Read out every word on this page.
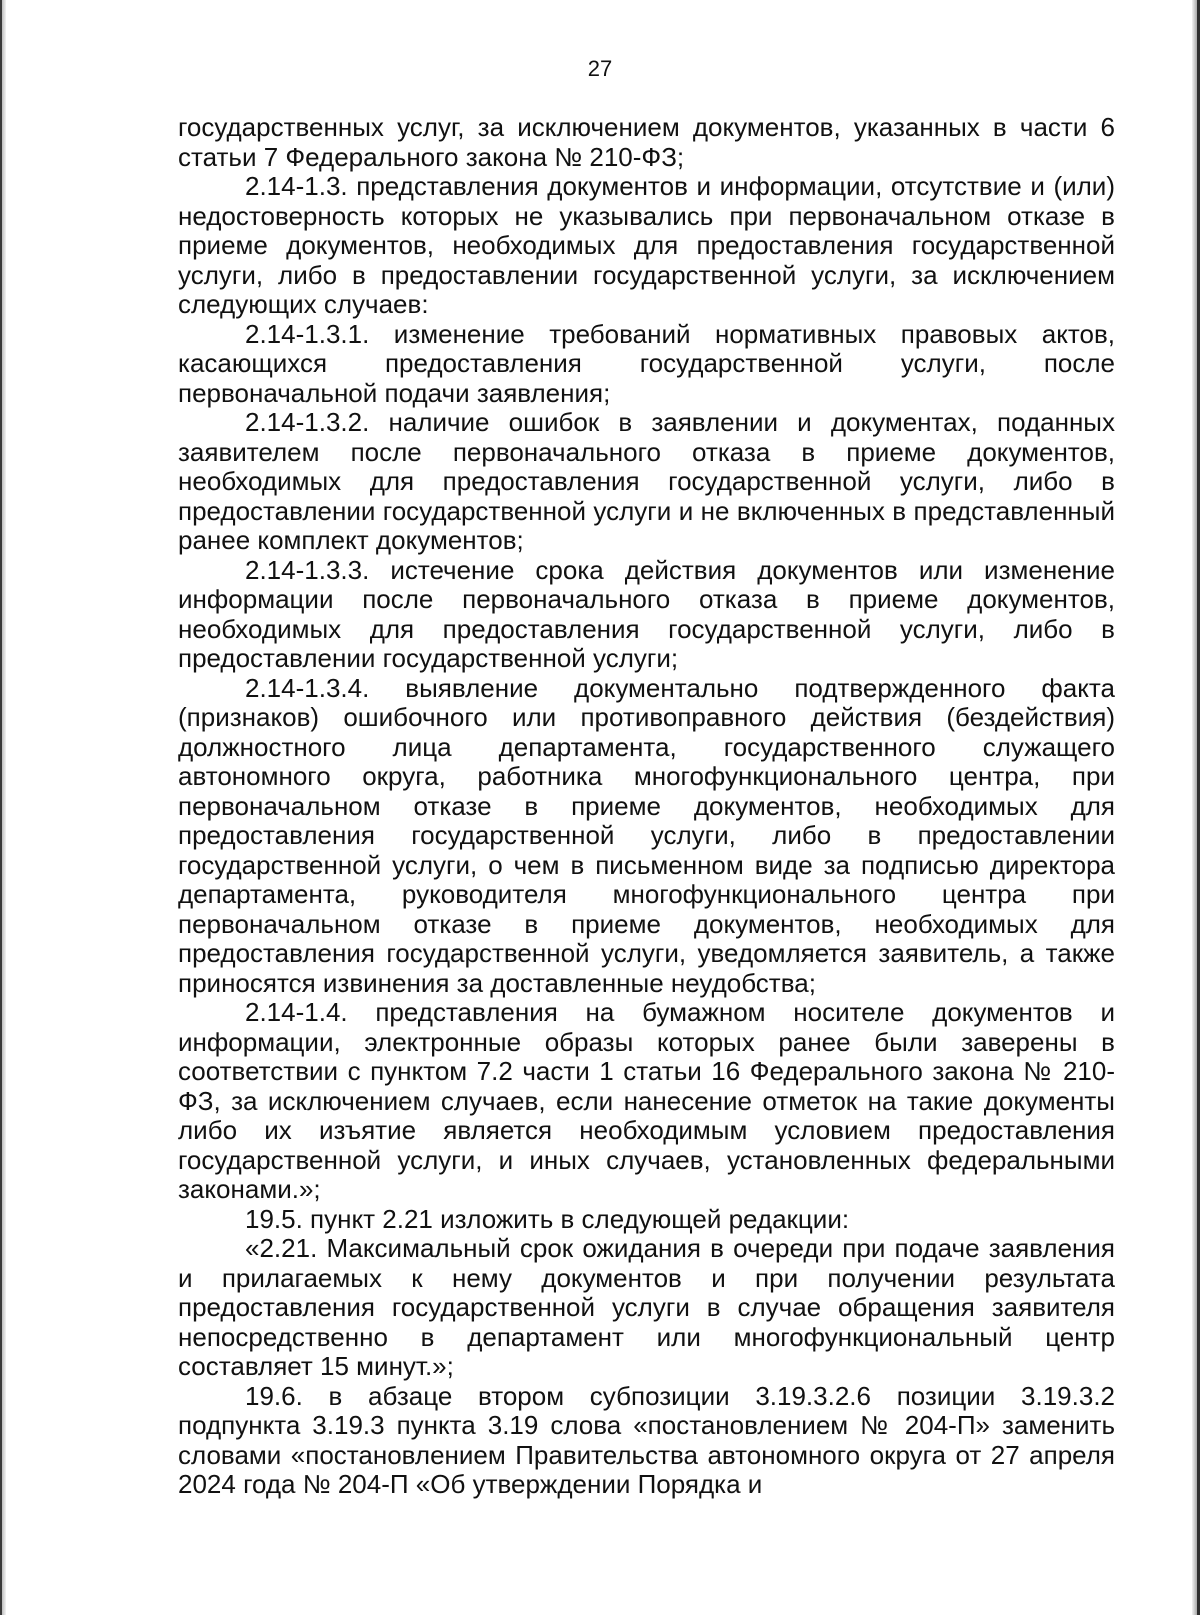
27

государственных услуг, за исключением документов, указанных в части 6 статьи 7 Федерального закона № 210-ФЗ;

2.14-1.3. представления документов и информации, отсутствие и (или) недостоверность которых не указывались при первоначальном отказе в приеме документов, необходимых для предоставления государственной услуги, либо в предоставлении государственной услуги, за исключением следующих случаев:

2.14-1.3.1. изменение требований нормативных правовых актов, касающихся предоставления государственной услуги, после первоначальной подачи заявления;

2.14-1.3.2. наличие ошибок в заявлении и документах, поданных заявителем после первоначального отказа в приеме документов, необходимых для предоставления государственной услуги, либо в предоставлении государственной услуги и не включенных в представленный ранее комплект документов;

2.14-1.3.3. истечение срока действия документов или изменение информации после первоначального отказа в приеме документов, необходимых для предоставления государственной услуги, либо в предоставлении государственной услуги;

2.14-1.3.4. выявление документально подтвержденного факта (признаков) ошибочного или противоправного действия (бездействия) должностного лица департамента, государственного служащего автономного округа, работника многофункционального центра, при первоначальном отказе в приеме документов, необходимых для предоставления государственной услуги, либо в предоставлении государственной услуги, о чем в письменном виде за подписью директора департамента, руководителя многофункционального центра при первоначальном отказе в приеме документов, необходимых для предоставления государственной услуги, уведомляется заявитель, а также приносятся извинения за доставленные неудобства;

2.14-1.4. представления на бумажном носителе документов и информации, электронные образы которых ранее были заверены в соответствии с пунктом 7.2 части 1 статьи 16 Федерального закона № 210-ФЗ, за исключением случаев, если нанесение отметок на такие документы либо их изъятие является необходимым условием предоставления государственной услуги, и иных случаев, установленных федеральными законами.»;

19.5. пункт 2.21 изложить в следующей редакции:

«2.21. Максимальный срок ожидания в очереди при подаче заявления и прилагаемых к нему документов и при получении результата предоставления государственной услуги в случае обращения заявителя непосредственно в департамент или многофункциональный центр составляет 15 минут.»;

19.6. в абзаце втором субпозиции 3.19.3.2.6 позиции 3.19.3.2 подпункта 3.19.3 пункта 3.19 слова «постановлением № 204-П» заменить словами «постановлением Правительства автономного округа от 27 апреля 2024 года № 204-П «Об утверждении Порядка и
